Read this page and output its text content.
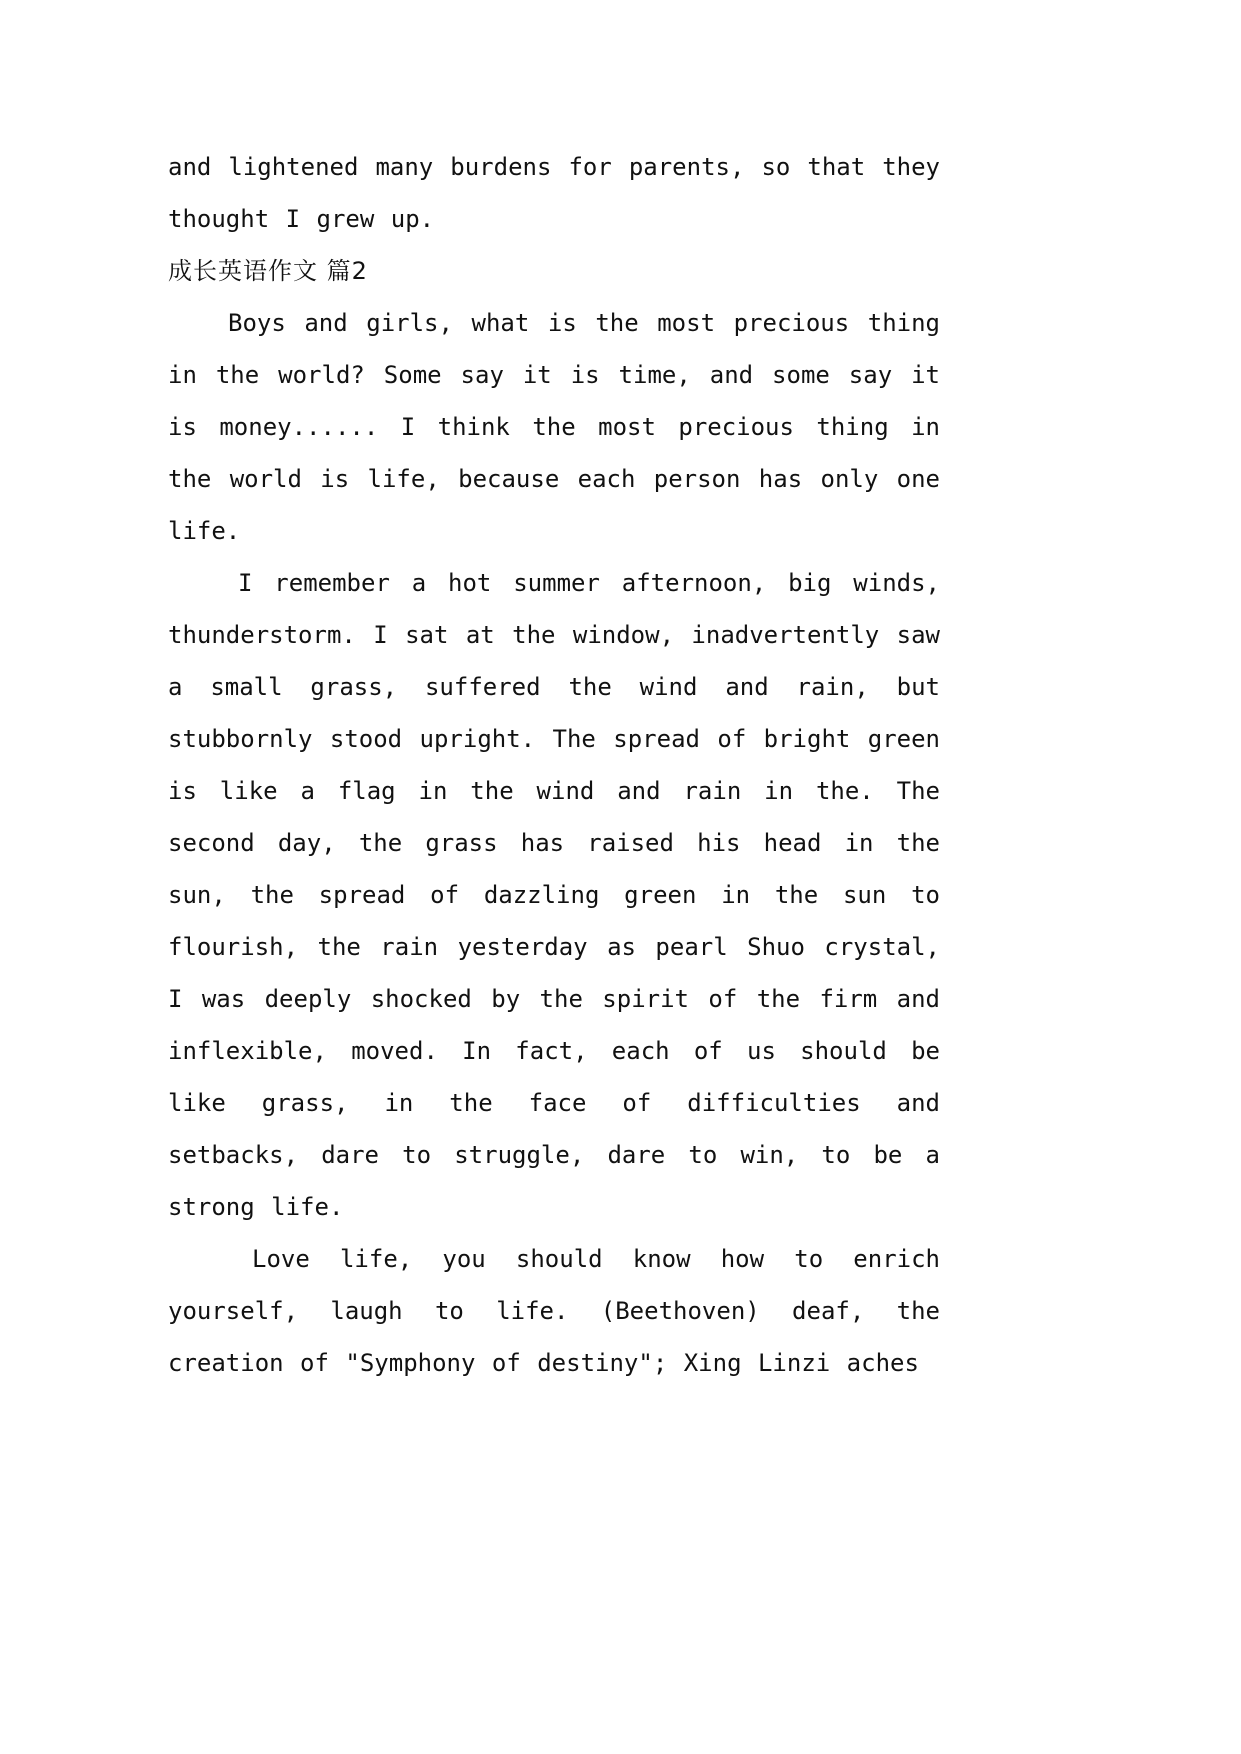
and lightened many burdens for parents, so that they thought I grew up.

成长英语作文 篇2

Boys and girls, what is the most precious thing in the world? Some say it is time, and some say it is money...... I think the most precious thing in the world is life, because each person has only one life.

I remember a hot summer afternoon, big winds, thunderstorm. I sat at the window, inadvertently saw a small grass, suffered the wind and rain, but stubbornly stood upright. The spread of bright green is like a flag in the wind and rain in the. The second day, the grass has raised his head in the sun, the spread of dazzling green in the sun to flourish, the rain yesterday as pearl Shuo crystal, I was deeply shocked by the spirit of the firm and inflexible, moved. In fact, each of us should be like grass, in the face of difficulties and setbacks, dare to struggle, dare to win, to be a strong life.

Love life, you should know how to enrich yourself, laugh to life. (Beethoven) deaf, the creation of "Symphony of destiny"; Xing Linzi aches
